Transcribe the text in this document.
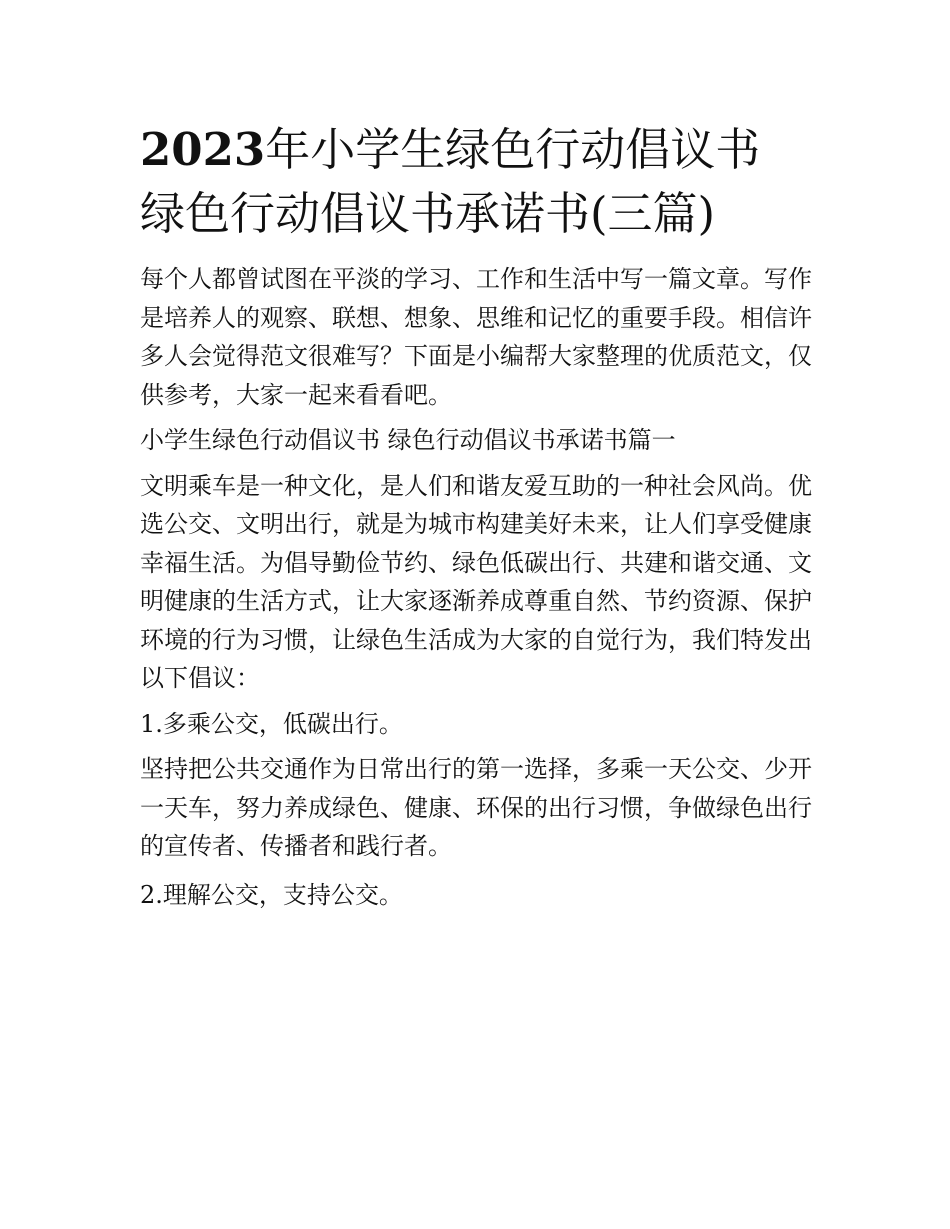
2023年小学生绿色行动倡议书
绿色行动倡议书承诺书(三篇)

每个人都曾试图在平淡的学习、工作和生活中写一篇文章。写作是培养人的观察、联想、想象、思维和记忆的重要手段。相信许多人会觉得范文很难写？下面是小编帮大家整理的优质范文，仅供参考，大家一起来看看吧。

小学生绿色行动倡议书 绿色行动倡议书承诺书篇一

文明乘车是一种文化，是人们和谐友爱互助的一种社会风尚。优选公交、文明出行，就是为城市构建美好未来，让人们享受健康幸福生活。为倡导勤俭节约、绿色低碳出行、共建和谐交通、文明健康的生活方式，让大家逐渐养成尊重自然、节约资源、保护环境的行为习惯，让绿色生活成为大家的自觉行为，我们特发出以下倡议：

1.多乘公交，低碳出行。

坚持把公共交通作为日常出行的第一选择，多乘一天公交、少开一天车，努力养成绿色、健康、环保的出行习惯，争做绿色出行的宣传者、传播者和践行者。

2.理解公交，支持公交。
